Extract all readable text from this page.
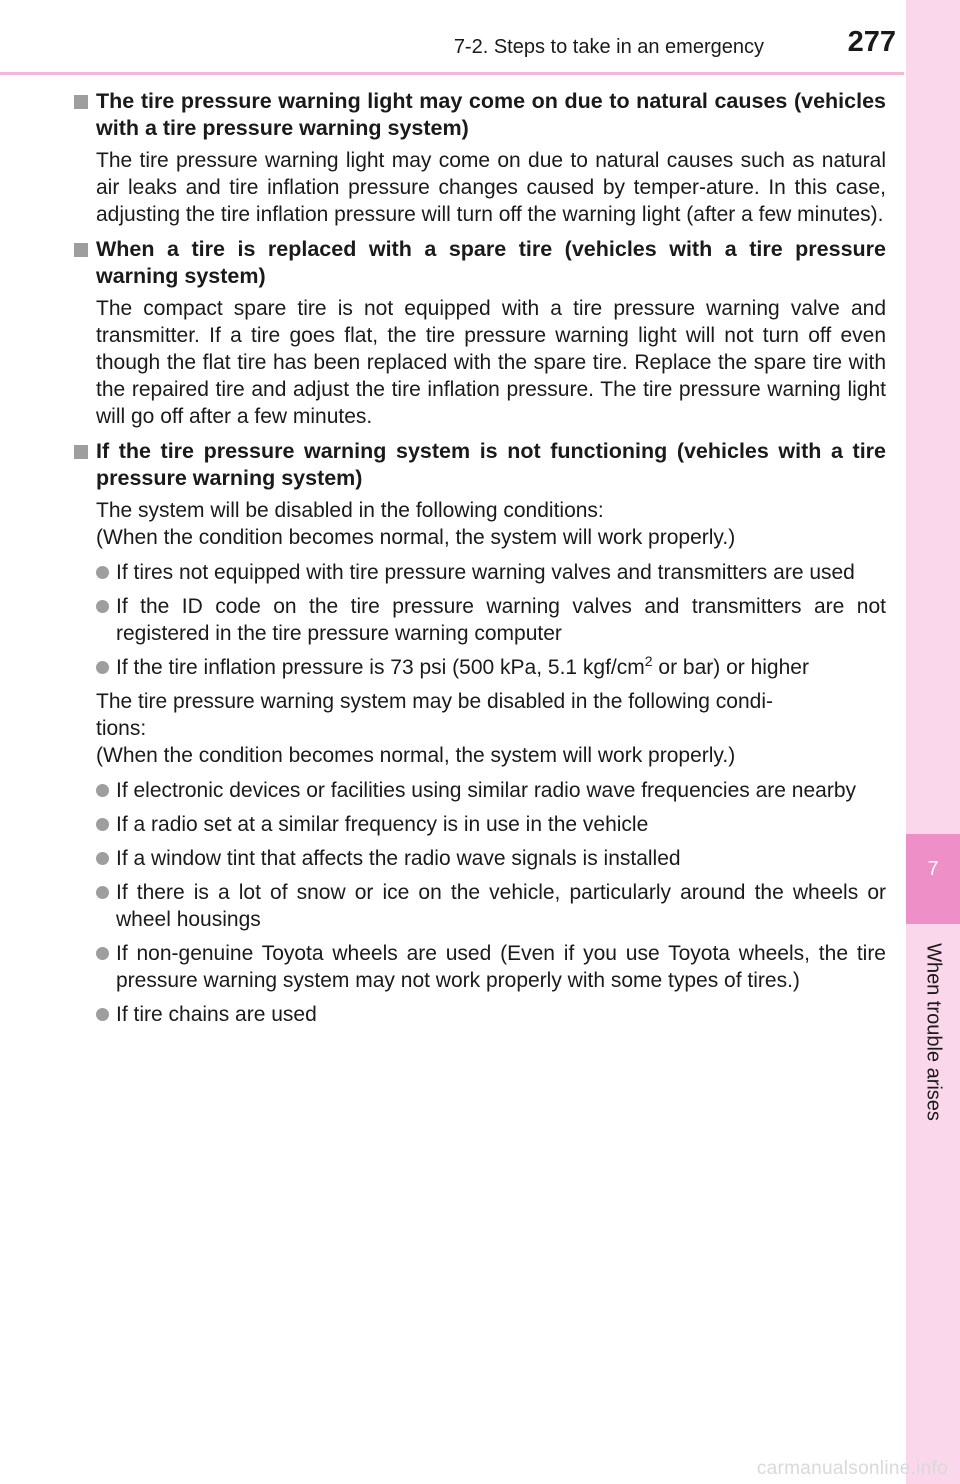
7-2. Steps to take in an emergency	277
7
When trouble arises
The tire pressure warning light may come on due to natural causes (vehicles with a tire pressure warning system)
The tire pressure warning light may come on due to natural causes such as natural air leaks and tire inflation pressure changes caused by temper-ature. In this case, adjusting the tire inflation pressure will turn off the warning light (after a few minutes).
When a tire is replaced with a spare tire (vehicles with a tire pressure warning system)
The compact spare tire is not equipped with a tire pressure warning valve and transmitter. If a tire goes flat, the tire pressure warning light will not turn off even though the flat tire has been replaced with the spare tire. Replace the spare tire with the repaired tire and adjust the tire inflation pressure. The tire pressure warning light will go off after a few minutes.
If the tire pressure warning system is not functioning (vehicles with a tire pressure warning system)
The system will be disabled in the following conditions:
(When the condition becomes normal, the system will work properly.)
If tires not equipped with tire pressure warning valves and transmitters are used
If the ID code on the tire pressure warning valves and transmitters are not registered in the tire pressure warning computer
If the tire inflation pressure is 73 psi (500 kPa, 5.1 kgf/$cm^2$ or bar) or higher
The tire pressure warning system may be disabled in the following condi-
tions:
(When the condition becomes normal, the system will work properly.)
If electronic devices or facilities using similar radio wave frequencies are nearby
If a radio set at a similar frequency is in use in the vehicle
If a window tint that affects the radio wave signals is installed
If there is a lot of snow or ice on the vehicle, particularly around the wheels or wheel housings
If non-genuine Toyota wheels are used (Even if you use Toyota wheels, the tire pressure warning system may not work properly with some types of tires.)
If tire chains are used
carmanualsonline.info
